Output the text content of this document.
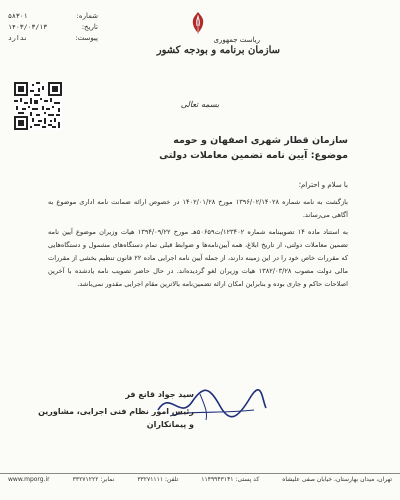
ریاست جمهوری
سازمان برنامه و بودجه کشور
۵۸۳۰۱	شماره:
۱۴۰۳/۰۳/۱۳	تاریخ:
ندارد	پیوست:
بسمه تعالی
سازمان قطار شهری اصفهان و حومه
موضوع: آیین نامه تضمین معاملات دولتی
با سلام و احترام؛

بازگشت به نامه شماره ۱۳۹۶/۰۲/۱۴۰۲۸ مورخ ۱۴۰۲/۰۱/۲۸ در خصوص ارائه ضمانت نامه اداری موضوع به آگاهی می‌رساند.

به استناد ماده ۱۴ تصویبنامه شماره ۱۲۳۴۰۲/ت۵۰۶۵۹هـ مورخ ۱۳۹۴/۰۹/۲۲ هیات وزیران موضوع آیین نامه تضمین معاملات دولتی، از تاریخ ابلاغ، همه آیین‌نامه‌ها و ضوابط قبلی تمام دستگاه‌های مشمول و دستگاه‌هایی که مقررات خاص خود را در این زمینه دارند، از جمله آیین نامه اجرایی ماده ۲۲ قانون تنظیم بخشی از مقررات مالی دولت مصوب ۱۳۸۲/۰۳/۲۸ هیات وزیران لغو گردیده‌اند. در حال حاضر تصویب نامه یادشده با آخرین اصلاحات حاکم و جاری بوده و بنابراین امکان ارائه تضمین‌نامه بالاترین مقام اجرایی مقدور نمی‌باشد.

سید جواد قانع فر
رئیس امور نظام فنی اجرایی، مشاورین
و پیمانکاران
تهران، میدان بهارستان، خیابان صفی علیشاه
کد پستی: ۱۱۴۹۹۴۳۱۴۱
تلفن: ۳۳۲۷۱۱۱۱
نمابر: ۳۳۲۷۱۲۲۲
www.mporg.ir
